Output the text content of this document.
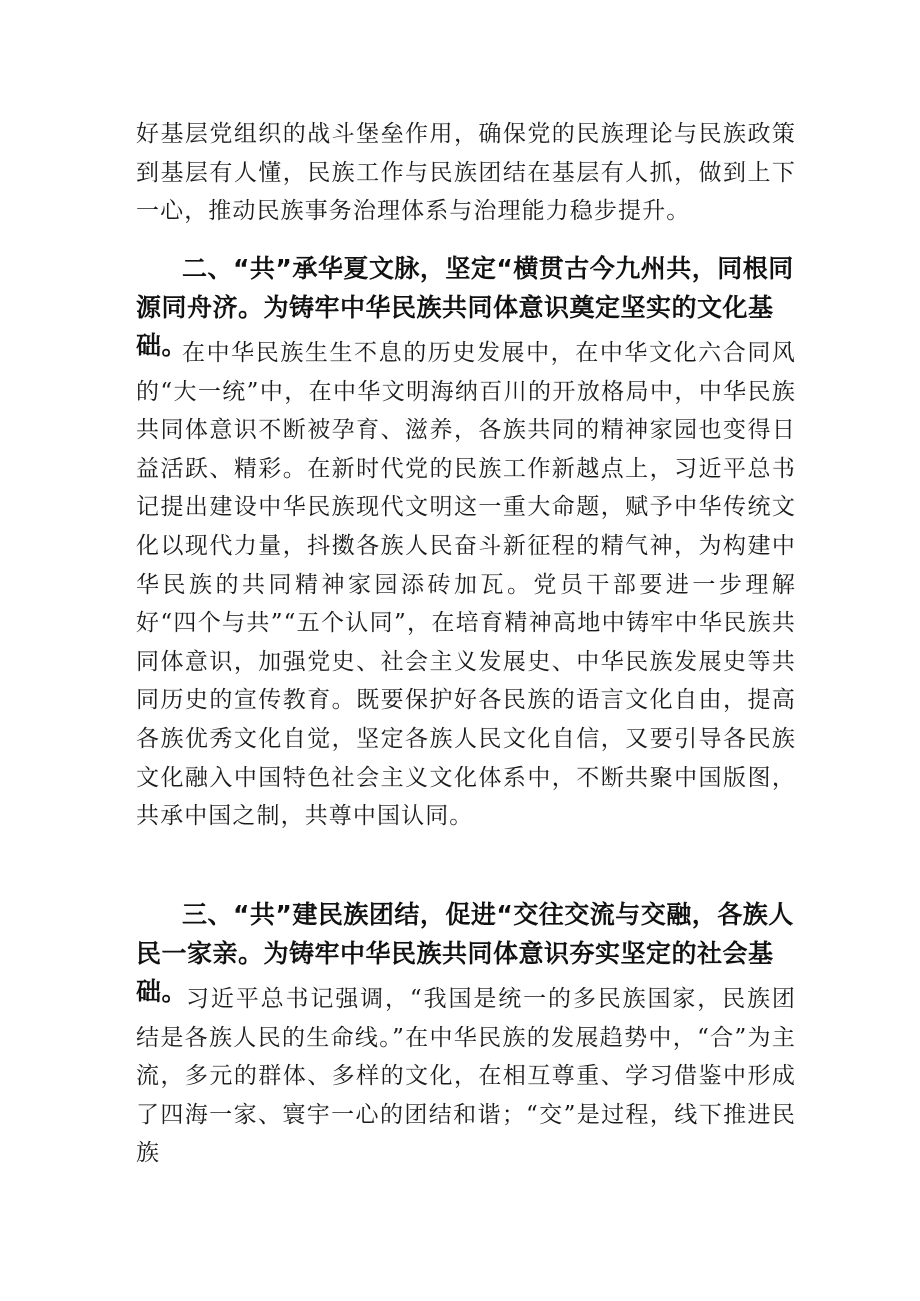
好基层党组织的战斗堡垒作用，确保党的民族理论与民族政策到基层有人懂，民族工作与民族团结在基层有人抓，做到上下一心，推动民族事务治理体系与治理能力稳步提升。

二、“共”承华夏文脉，坚定“横贯古今九州共，同根同源同舟济。为铸牢中华民族共同体意识奠定坚实的文化基础。

在中华民族生生不息的历史发展中，在中华文化六合同风的“大一统”中，在中华文明海纳百川的开放格局中，中华民族共同体意识不断被孕育、滋养，各族共同的精神家园也变得日益活跃、精彩。在新时代党的民族工作新越点上，习近平总书记提出建设中华民族现代文明这一重大命题，赋予中华传统文化以现代力量，抖擞各族人民奋斗新征程的精气神，为构建中华民族的共同精神家园添砖加瓦。党员干部要进一步理解好“四个与共”“五个认同”，在培育精神高地中铸牢中华民族共同体意识，加强党史、社会主义发展史、中华民族发展史等共同历史的宣传教育。既要保护好各民族的语言文化自由，提高各族优秀文化自觉，坚定各族人民文化自信，又要引导各民族文化融入中国特色社会主义文化体系中，不断共聚中国版图，共承中国之制，共尊中国认同。

三、“共”建民族团结，促进“交往交流与交融，各族人民一家亲。为铸牢中华民族共同体意识夯实坚定的社会基础。

习近平总书记强调，“我国是统一的多民族国家，民族团结是各族人民的生命线。”在中华民族的发展趋势中，“合”为主流，多元的群体、多样的文化，在相互尊重、学习借鉴中形成了四海一家、寰宇一心的团结和谐；“交”是过程，线下推进民族
